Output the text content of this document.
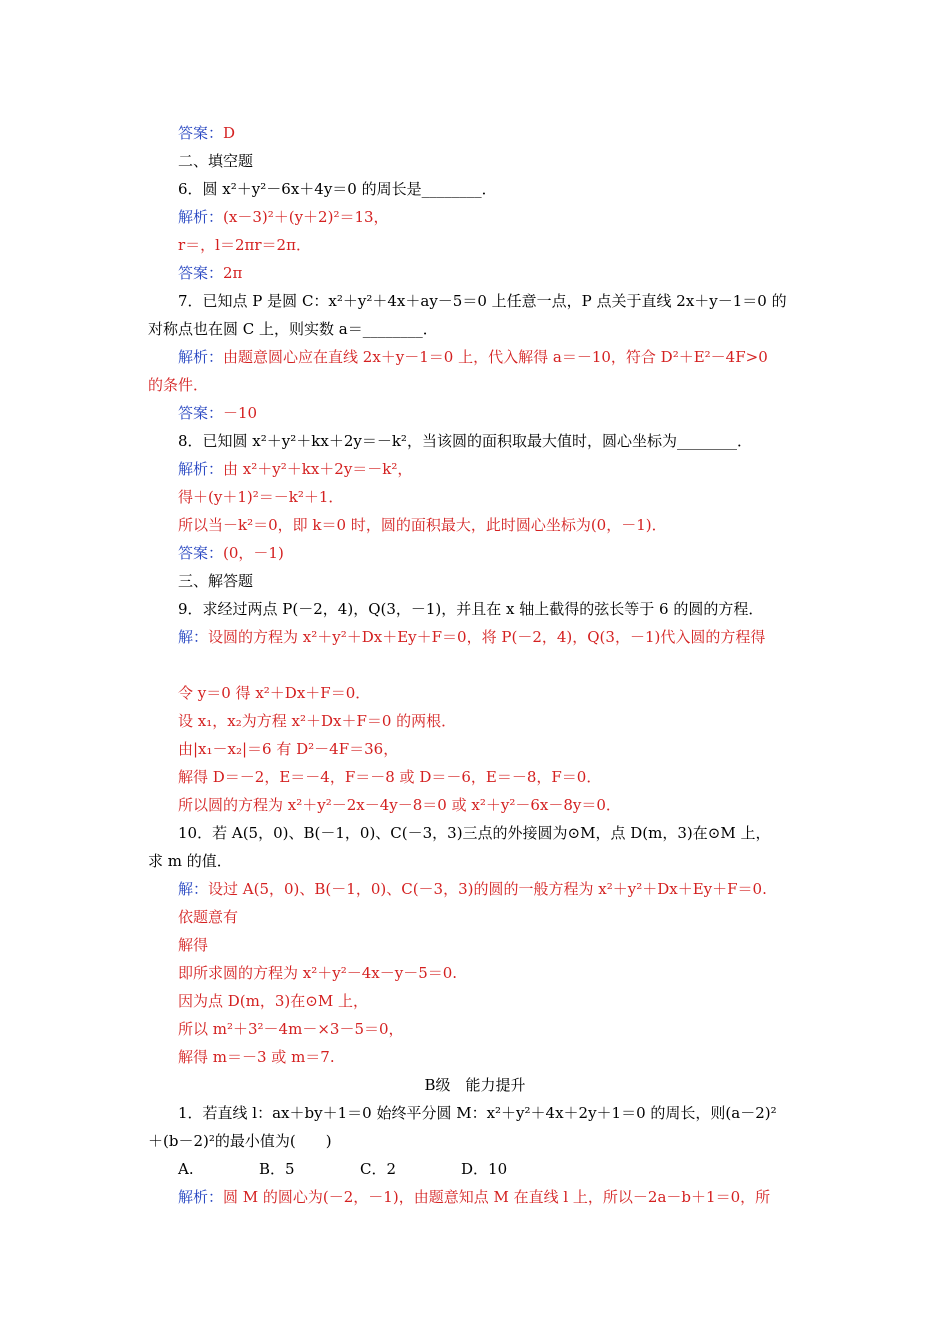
答案：D
二、填空题
6．圆 x²＋y²－6x＋4y＝0 的周长是________．
解析：(x－3)²＋(y＋2)²＝13，
r＝，l＝2πr＝2π．
答案：2π
7．已知点 P 是圆 C：x²＋y²＋4x＋ay－5＝0 上任意一点，P 点关于直线 2x＋y－1＝0 的
对称点也在圆 C 上，则实数 a＝________．
解析：由题意圆心应在直线 2x＋y－1＝0 上，代入解得 a＝－10，符合 D²＋E²－4F>0
的条件．
答案：－10
8．已知圆 x²＋y²＋kx＋2y＝－k²，当该圆的面积取最大值时，圆心坐标为________．
解析：由 x²＋y²＋kx＋2y＝－k²，
得＋(y＋1)²＝－k²＋1．
所以当－k²＝0，即 k＝0 时，圆的面积最大，此时圆心坐标为(0，－1)．
答案：(0，－1)
三、解答题
9．求经过两点 P(－2，4)，Q(3，－1)，并且在 x 轴上截得的弦长等于 6 的圆的方程．
解：设圆的方程为 x²＋y²＋Dx＋Ey＋F＝0，将 P(－2，4)，Q(3，－1)代入圆的方程得
令 y＝0 得 x²＋Dx＋F＝0．
设 x₁，x₂为方程 x²＋Dx＋F＝0 的两根．
由|x₁－x₂|＝6 有 D²－4F＝36，
解得 D＝－2，E＝－4，F＝－8 或 D＝－6，E＝－8，F＝0．
所以圆的方程为 x²＋y²－2x－4y－8＝0 或 x²＋y²－6x－8y＝0．
10．若 A(5，0)、B(－1，0)、C(－3，3)三点的外接圆为⊙M，点 D(m，3)在⊙M 上，
求 m 的值．
解：设过 A(5，0)、B(－1，0)、C(－3，3)的圆的一般方程为 x²＋y²＋Dx＋Ey＋F＝0.
依题意有
解得
即所求圆的方程为 x²＋y²－4x－y－5＝0.
因为点 D(m，3)在⊙M 上，
所以 m²＋3²－4m－×3－5＝0，
解得 m＝－3 或 m＝7.
B级　能力提升
1．若直线 l：ax＋by＋1＝0 始终平分圆 M：x²＋y²＋4x＋2y＋1＝0 的周长，则(a－2)²
＋(b－2)²的最小值为(　　)
A.	B．5	C．2	D．10
解析：圆 M 的圆心为(－2，－1)，由题意知点 M 在直线 l 上，所以－2a－b＋1＝0，所
